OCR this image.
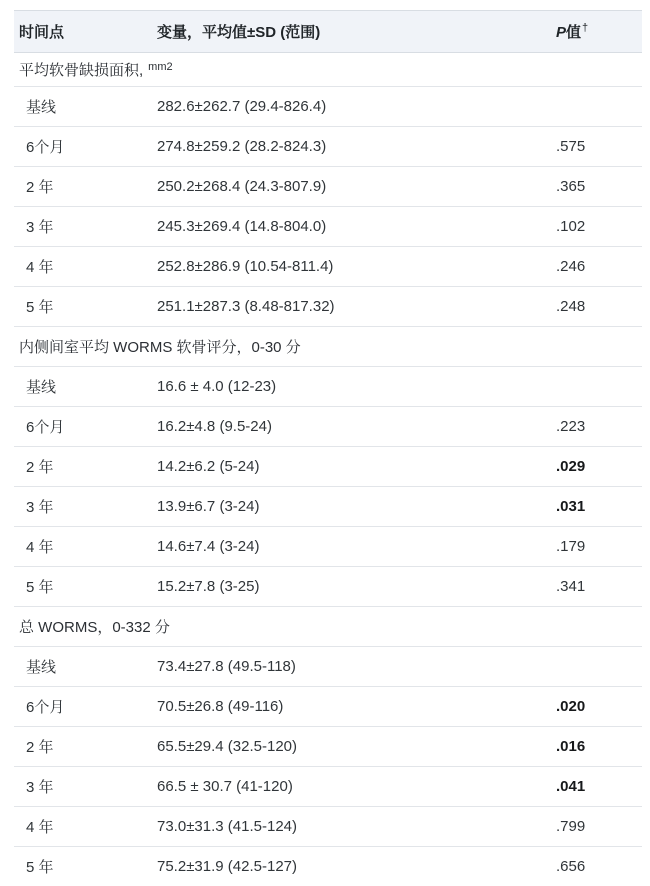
时间点	变量，平均值±SD (范围)	P值†
平均软骨缺损面积, $^{mm2}$
基线	282.6±262.7 (29.4-826.4)	
6个月	274.8±259.2 (28.2-824.3)	.575
2 年	250.2±268.4 (24.3-807.9)	.365
3 年	245.3±269.4 (14.8-804.0)	.102
4 年	252.8±286.9 (10.54-811.4)	.246
5 年	251.1±287.3 (8.48-817.32)	.248
内侧间室平均 WORMS 软骨评分，0-30 分		
基线	16.6 ± 4.0 (12-23)	
6个月	16.2±4.8 (9.5-24)	.223
2 年	14.2±6.2 (5-24)	.029
3 年	13.9±6.7 (3-24)	.031
4 年	14.6±7.4 (3-24)	.179
5 年	15.2±7.8 (3-25)	.341
总 WORMS，0-332 分		
基线	73.4±27.8 (49.5-118)	
6个月	70.5±26.8 (49-116)	.020
2 年	65.5±29.4 (32.5-120)	.016
3 年	66.5 ± 30.7 (41-120)	.041
4 年	73.0±31.3 (41.5-124)	.799
5 年	75.2±31.9 (42.5-127)	.656
